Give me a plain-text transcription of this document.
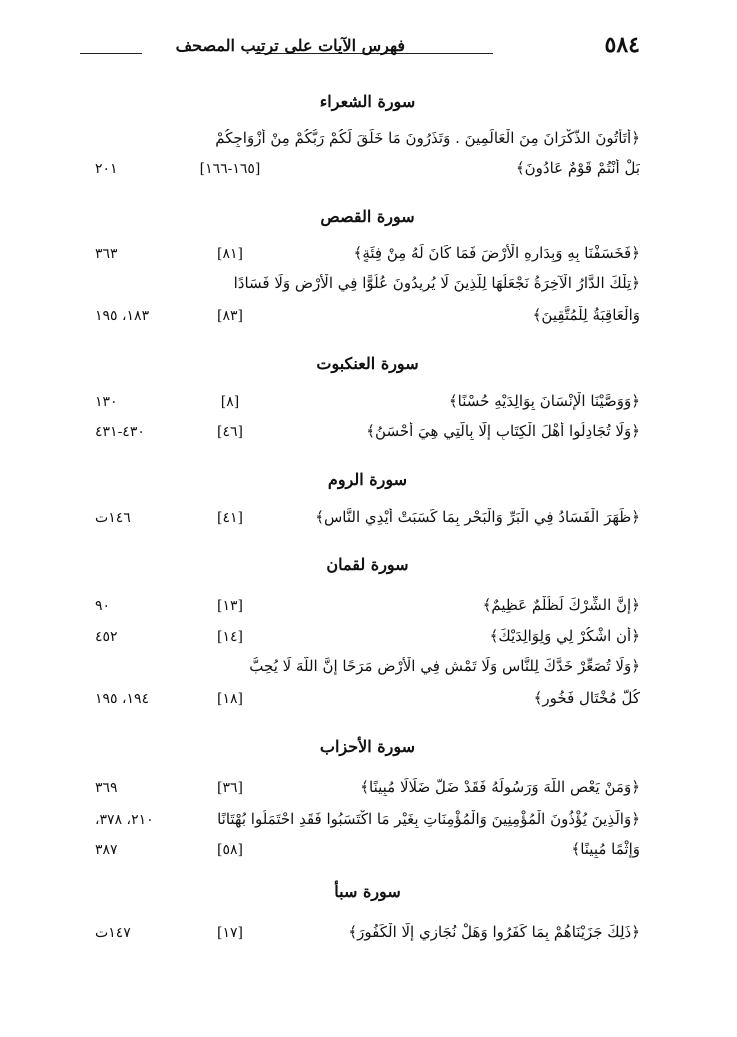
٥٨٤
فهرس الآيات على ترتيب المصحف
سورة الشعراء
﴿أَتَأْتُونَ الذُّكْرَانَ مِنَ الْعَالَمِينَ . وَتَذَرُونَ مَا خَلَقَ لَكُمْ رَبُّكُمْ مِنْ أَزْوَاجِكُمْ
بَلْ أَنْتُمْ قَوْمٌ عَادُونَ﴾
[١٦٥-١٦٦]
٢٠١
سورة القصص
﴿فَخَسَفْنَا بِهِ وَبِدَارِهِ الْأَرْضَ فَمَا كَانَ لَهُ مِنْ فِئَةٍ﴾
[٨١]
٣٦٣
﴿تِلْكَ الدَّارُ الْآخِرَةُ نَجْعَلُهَا لِلَّذِينَ لَا يُرِيدُونَ عُلُوًّا فِي الْأَرْضِ وَلَا فَسَادًا
وَالْعَاقِبَةُ لِلْمُتَّقِينَ﴾
[٨٣]
١٨٣، ١٩٥
سورة العنكبوت
﴿وَوَصَّيْنَا الْإِنْسَانَ بِوَالِدَيْهِ حُسْنًا﴾
[٨]
١٣٠
﴿وَلَا تُجَادِلُوا أَهْلَ الْكِتَابِ إِلَّا بِالَّتِي هِيَ أَحْسَنُ﴾
[٤٦]
٤٣٠-٤٣١
سورة الروم
﴿ظَهَرَ الْفَسَادُ فِي الْبَرِّ وَالْبَحْرِ بِمَا كَسَبَتْ أَيْدِي النَّاسِ﴾
[٤١]
١٤٦ت
سورة لقمان
﴿إِنَّ الشِّرْكَ لَظُلْمٌ عَظِيمٌ﴾
[١٣]
٩٠
﴿أَنِ اشْكُرْ لِي وَلِوَالِدَيْكَ﴾
[١٤]
٤٥٢
﴿وَلَا تُصَعِّرْ خَدَّكَ لِلنَّاسِ وَلَا تَمْشِ فِي الْأَرْضِ مَرَحًا إِنَّ اللَّهَ لَا يُحِبُّ
كُلَّ مُخْتَالٍ فَخُورٍ﴾
[١٨]
١٩٤، ١٩٥
سورة الأحزاب
﴿وَمَنْ يَعْصِ اللَّهَ وَرَسُولَهُ فَقَدْ ضَلَّ ضَلَالًا مُبِينًا﴾
[٣٦]
٣٦٩
﴿وَالَّذِينَ يُؤْذُونَ الْمُؤْمِنِينَ وَالْمُؤْمِنَاتِ بِغَيْرِ مَا اكْتَسَبُوا فَقَدِ احْتَمَلُوا بُهْتَانًا
وَإِثْمًا مُبِينًا﴾
٢١٠، ٣٧٨،
[٥٨]
٣٨٧
سورة سبأ
﴿ذَلِكَ جَزَيْنَاهُمْ بِمَا كَفَرُوا وَهَلْ نُجَازِي إِلَّا الْكَفُورَ﴾
[١٧]
١٤٧ت
